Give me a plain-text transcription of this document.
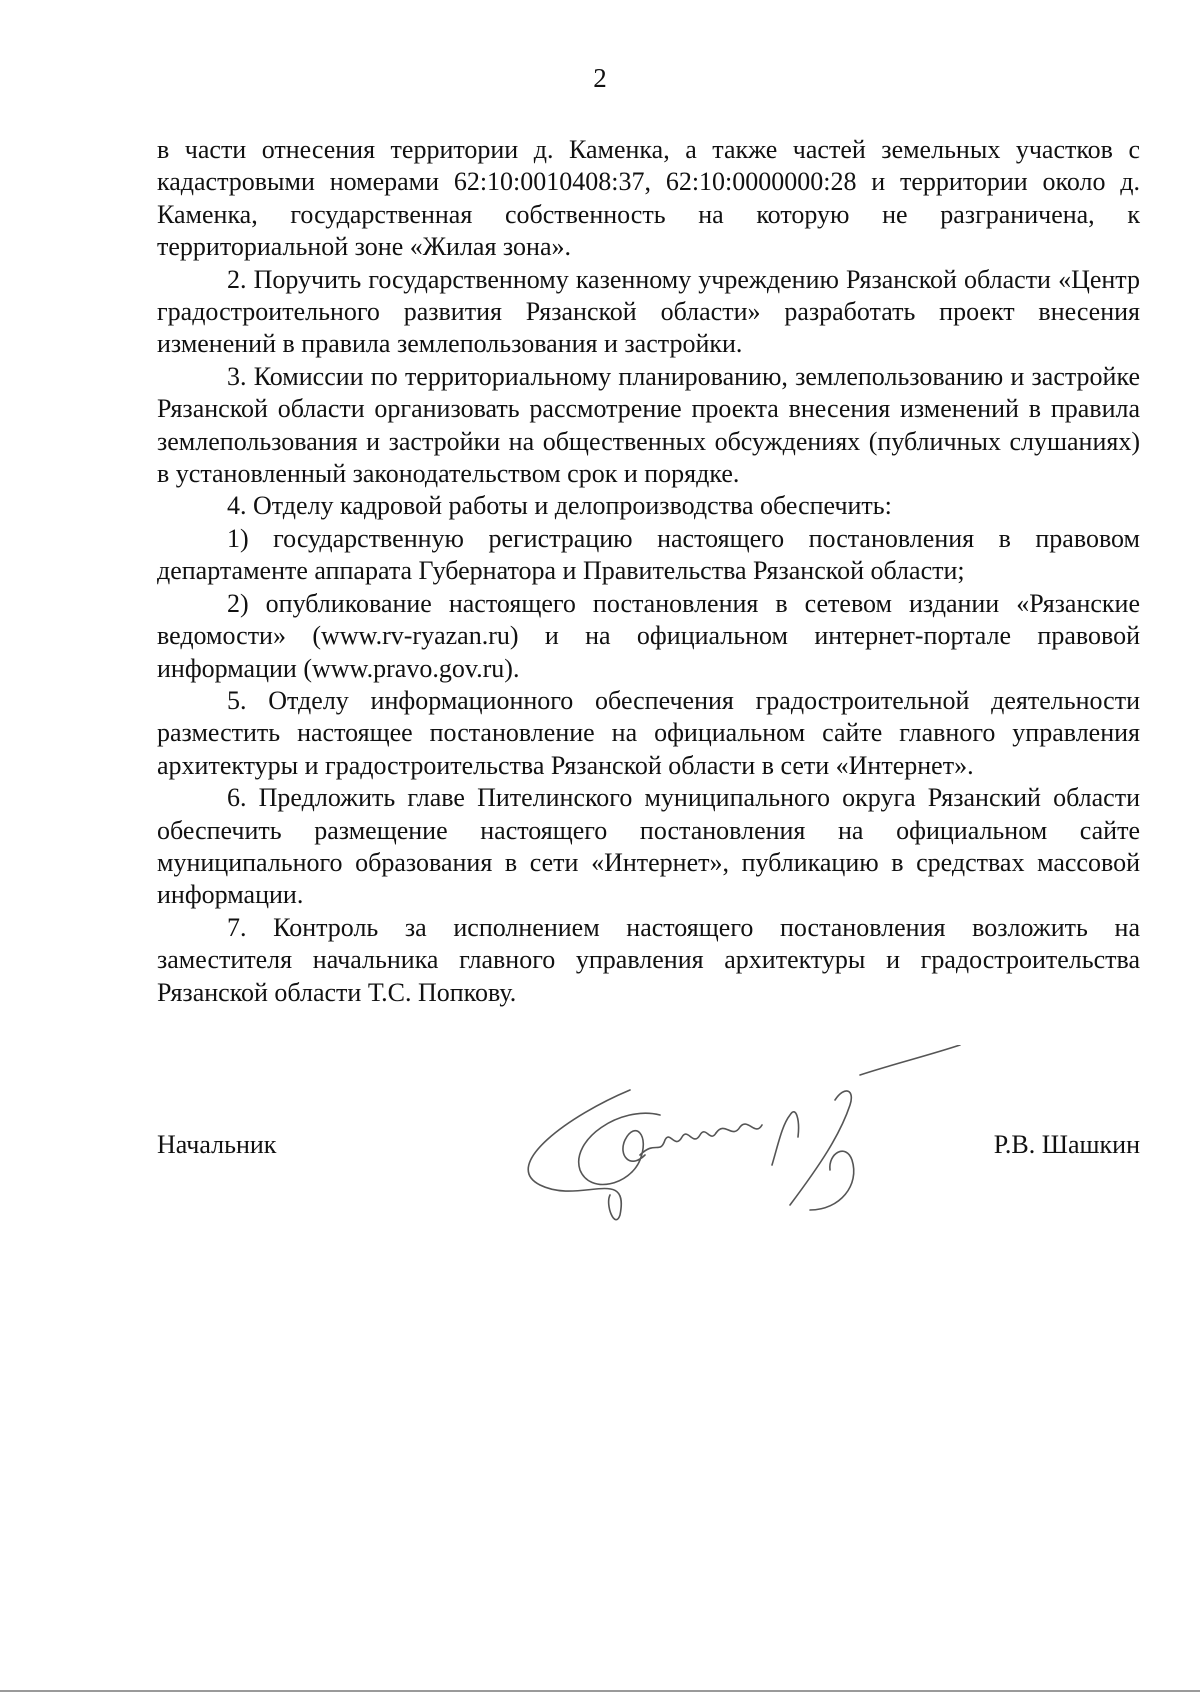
2

в части отнесения территории д. Каменка, а также частей земельных участков с кадастровыми номерами 62:10:0010408:37, 62:10:0000000:28 и территории около д. Каменка, государственная собственность на которую не разграничена, к территориальной зоне «Жилая зона».

2. Поручить государственному казенному учреждению Рязанской области «Центр градостроительного развития Рязанской области» разработать проект внесения изменений в правила землепользования и застройки.

3. Комиссии по территориальному планированию, землепользованию и застройке Рязанской области организовать рассмотрение проекта внесения изменений в правила землепользования и застройки на общественных обсуждениях (публичных слушаниях) в установленный законодательством срок и порядке.

4. Отделу кадровой работы и делопроизводства обеспечить:

1) государственную регистрацию настоящего постановления в правовом департаменте аппарата Губернатора и Правительства Рязанской области;

2) опубликование настоящего постановления в сетевом издании «Рязанские ведомости» (www.rv-ryazan.ru) и на официальном интернет-портале правовой информации (www.pravo.gov.ru).

5. Отделу информационного обеспечения градостроительной деятельности разместить настоящее постановление на официальном сайте главного управления архитектуры и градостроительства Рязанской области в сети «Интернет».

6. Предложить главе Пителинского муниципального округа Рязанский области обеспечить размещение настоящего постановления на официальном сайте муниципального образования в сети «Интернет», публикацию в средствах массовой информации.

7. Контроль за исполнением настоящего постановления возложить на заместителя начальника главного управления архитектуры и градостроительства Рязанской области Т.С. Попкову.

Начальник	Р.В. Шашкин
